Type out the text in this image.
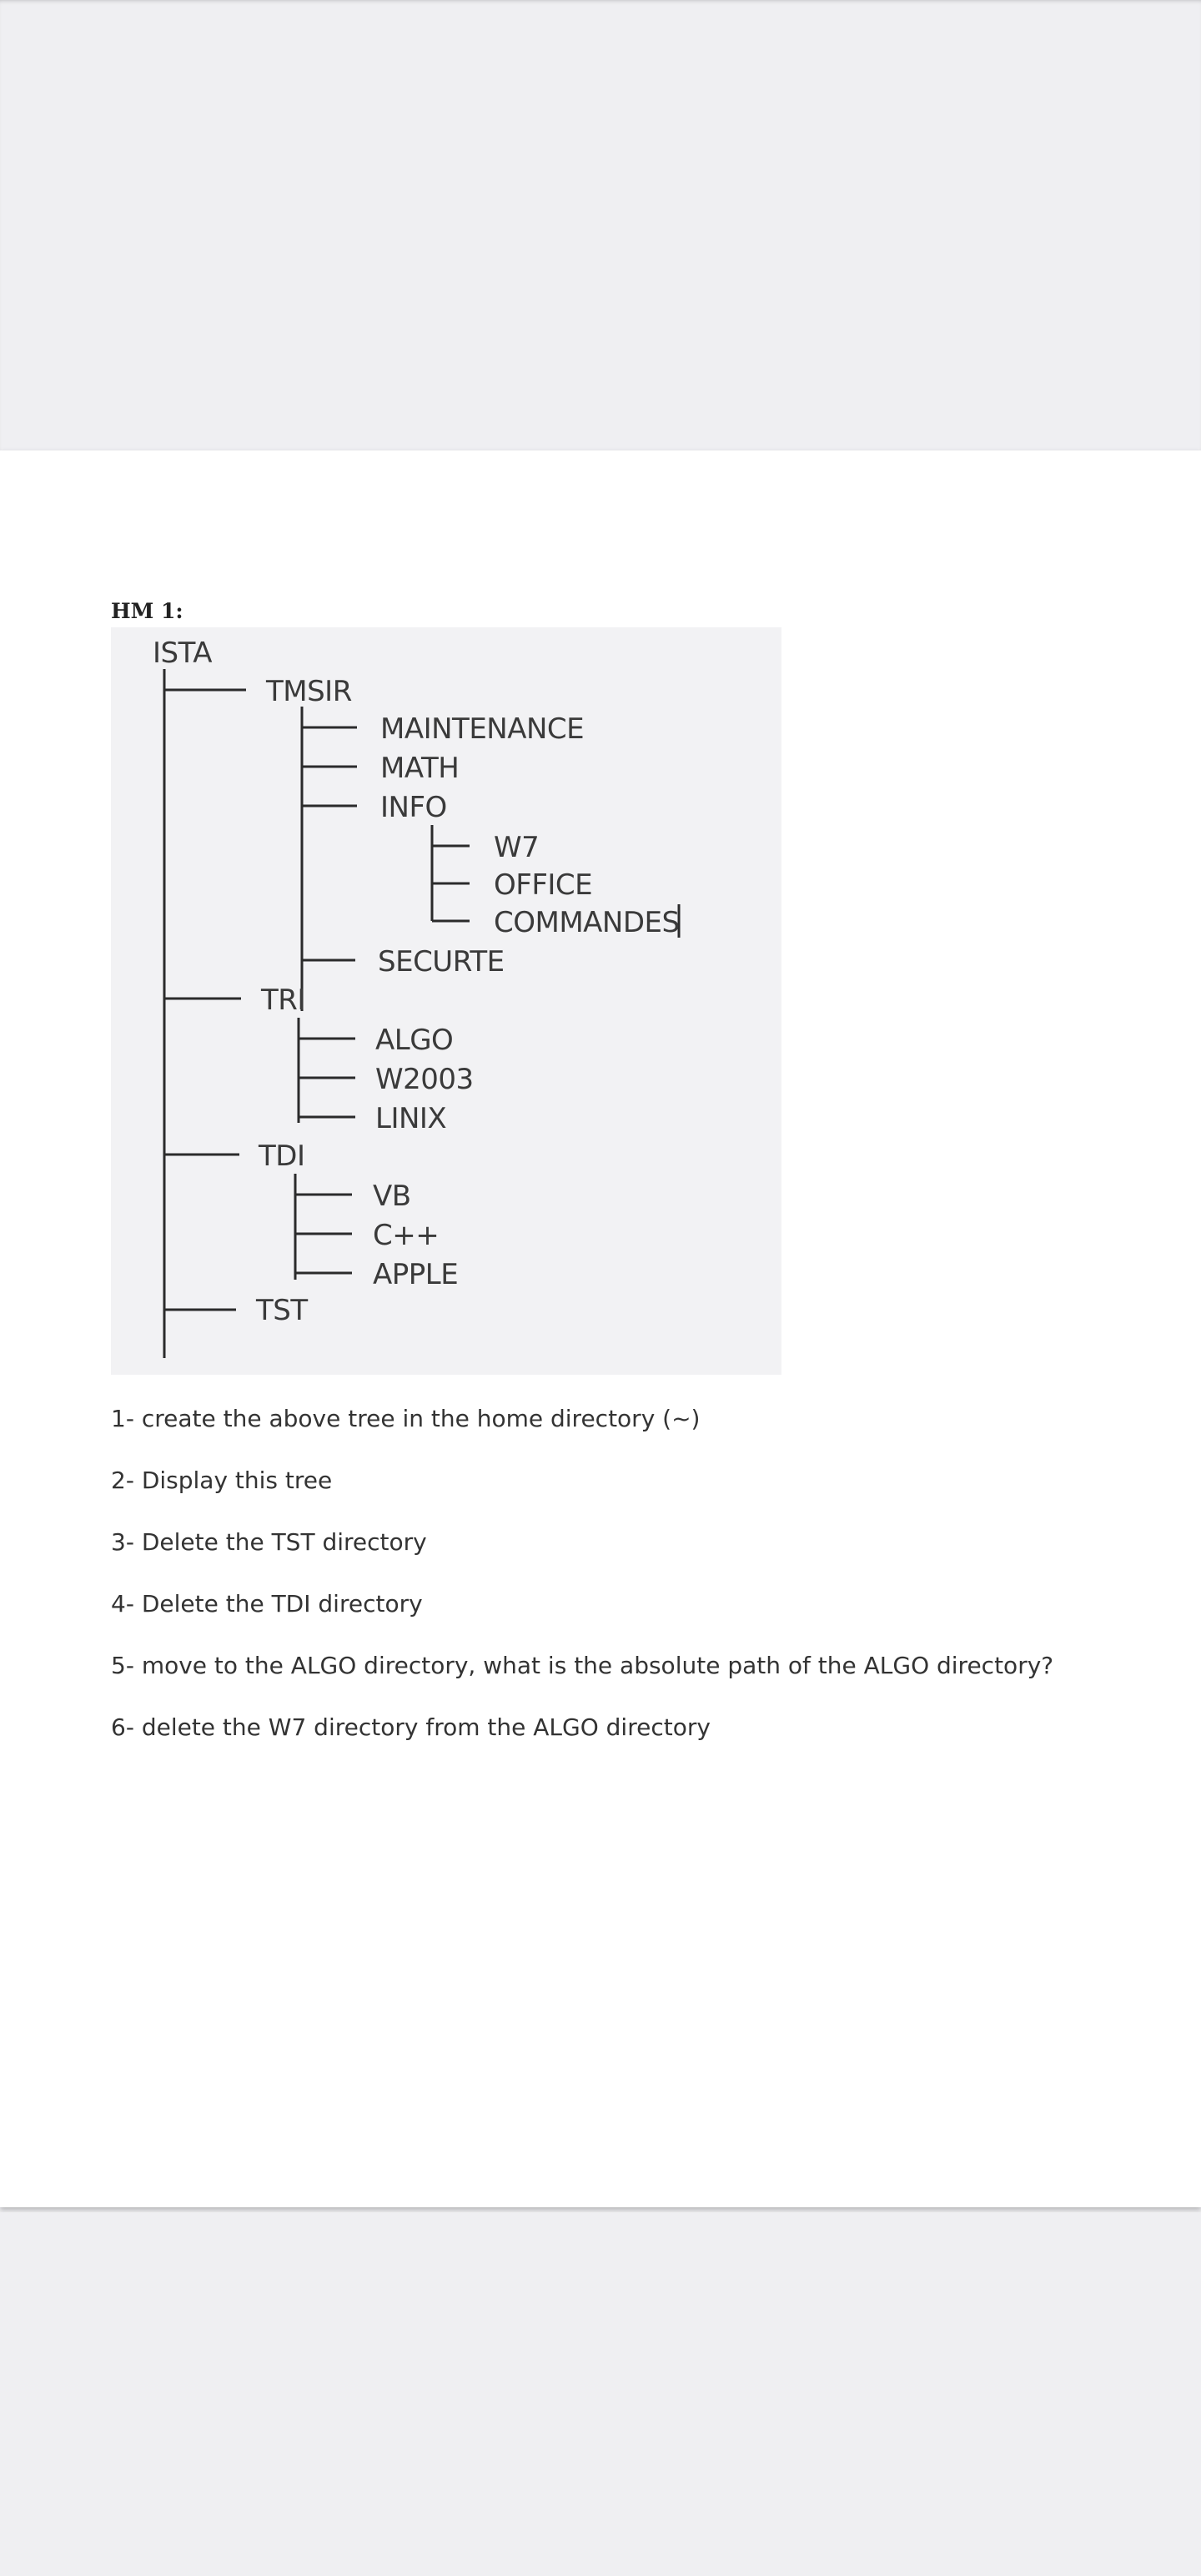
HM 1:
ISTA
TMSIR
TRI
TDI
TST
MAINTENANCE
MATH
INFO
SECURTE
W7
OFFICE
COMMANDES
ALGO
W2003
LINIX
VB
C++
APPLE
1- create the above tree in the home directory (~)
2- Display this tree
3- Delete the TST directory
4- Delete the TDI directory
5- move to the ALGO directory, what is the absolute path of the ALGO directory?
6- delete the W7 directory from the ALGO directory
